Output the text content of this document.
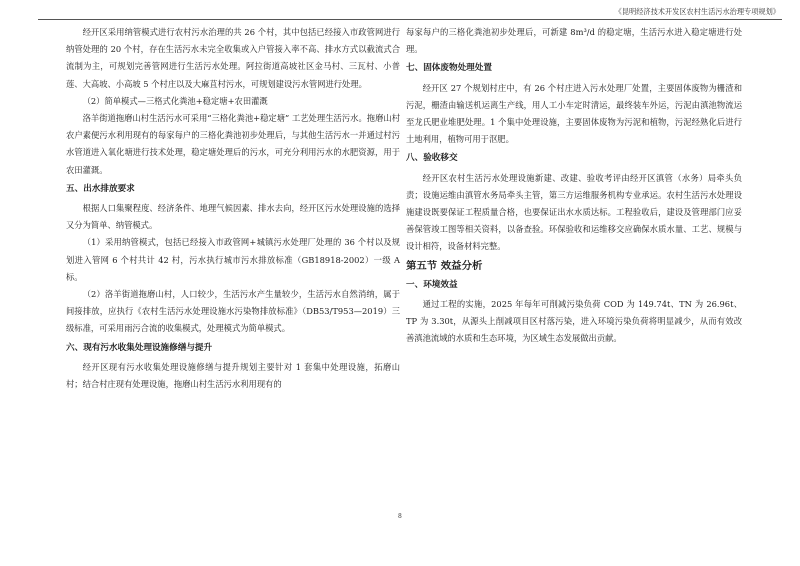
《昆明经济技术开发区农村生活污水治理专项规划》

经开区采用纳管模式进行农村污水治理的共 26 个村，其中包括已经接入市政管网进行纳管处理的 20 个村，存在生活污水未完全收集或入户管接入率不高、排水方式以截流式合流制为主，可规划完善管网进行生活污水处理。阿拉街道高坡社区金马村、三瓦村、小普莲、大高坡、小高坡 5 个村庄以及大麻苴村污水，可规划建设污水管网进行处理。

（2）简单模式—三格式化粪池+稳定塘+农田灌溉

洛羊街道拖磨山村生活污水可采用“三格化粪池+稳定塘” 工艺处理生活污水。拖磨山村农户素便污水利用现有的每家每户的三格化粪池初步处理后，与其他生活污水一并通过村污水管道进入氧化塘进行技术处理，稳定塘处理后的污水，可充分利用污水的水肥资源，用于农田灌溉。

五、出水排放要求

根据人口集聚程度、经济条件、地理气候因素、排水去向，经开区污水处理设施的选择又分为简单、纳管模式。

（1）采用纳管模式，包括已经接入市政管网+城镇污水处理厂处理的 36 个村以及规划进入管网 6 个村共计 42 村，污水执行城市污水排放标准（GB18918-2002）一级 A 标。

（2）洛羊街道拖磨山村，人口较少，生活污水产生量较少，生活污水自然消纳，属于间接排放，应执行《农村生活污水处理设施水污染物排放标准》（DB53/T953—2019）三级标准，可采用雨污合流的收集模式，处理模式为简单模式。

六、现有污水收集处理设施修缮与提升

经开区现有污水收集处理设施修缮与提升规划主要针对 1 套集中处理设施，拓磨山村；结合村庄现有处理设施，拖磨山村生活污水利用现有的

每家每户的三格化粪池初步处理后，可新建 8m³/d 的稳定塘，生活污水进入稳定塘进行处理。

七、固体废物处理处置

经开区 27 个规划村庄中，有 26 个村庄进入污水处理厂处置，主要固体废物为栅渣和污泥，栅渣由输送机运离生产线，用人工小车定时清运，最终装车外运，污泥由滇池物流运至龙氏肥业堆肥处理。1 个集中处理设施，主要固体废物为污泥和植物，污泥经熟化后进行土地利用，植物可用于沤肥。

八、验收移交

经开区农村生活污水处理设施新建、改建、验收考评由经开区滇管（水务）局牵头负责；设施运维由滇管水务局牵头主管，第三方运维服务机构专业承运。农村生活污水处理设施建设既要保证工程质量合格，也要保证出水水质达标。工程验收后，建设及管理部门应妥善保管竣工图等相关资料，以备查验。环保验收和运维移交应确保水质水量、工艺、规模与设计相符，设备材料完整。

第五节 效益分析

一、环境效益

通过工程的实施，2025 年每年可削减污染负荷 COD 为 149.74t、TN 为 26.96t、TP 为 3.30t，从源头上削减项目区村落污染，进入环境污染负荷将明显减少，从而有效改善滇池流域的水质和生态环境，为区域生态发展做出贡献。

8
